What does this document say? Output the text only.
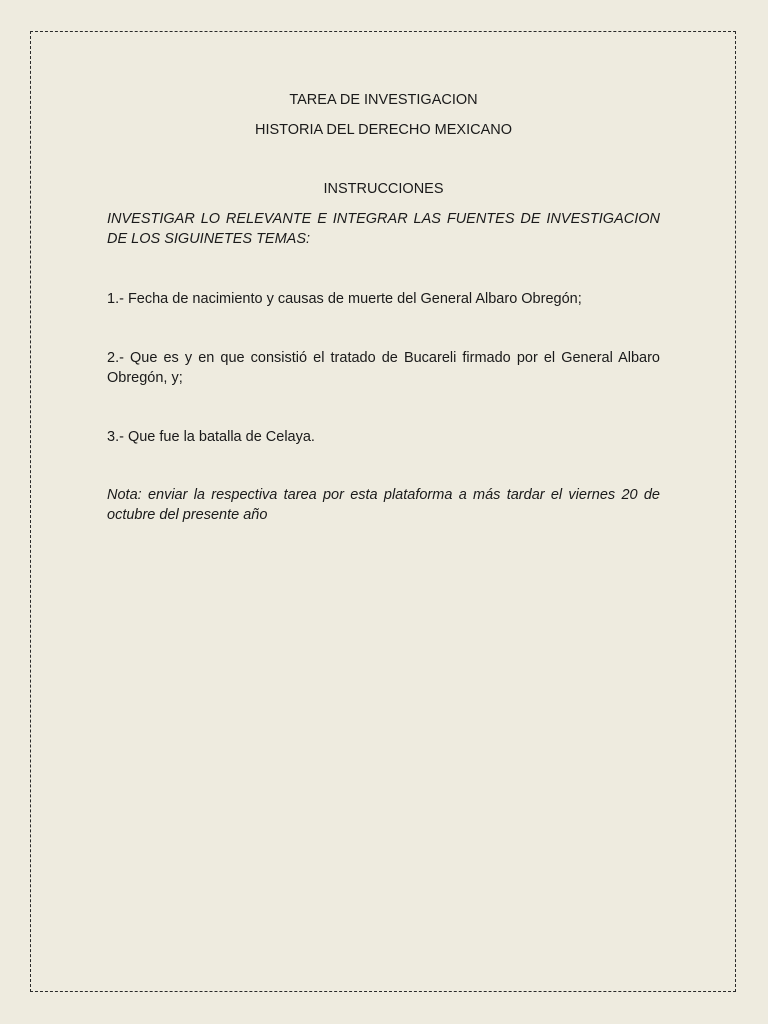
TAREA DE INVESTIGACION

HISTORIA DEL DERECHO MEXICANO

INSTRUCCIONES

INVESTIGAR LO RELEVANTE E INTEGRAR LAS FUENTES DE INVESTIGACION DE LOS SIGUINETES TEMAS:

1.- Fecha de nacimiento y causas de muerte del General Albaro Obregón;

2.- Que es y en que consistió el tratado de Bucareli firmado por el General Albaro Obregón, y;

3.- Que fue la batalla de Celaya.

Nota: enviar la respectiva tarea por esta plataforma a más tardar el viernes 20 de octubre del presente año
